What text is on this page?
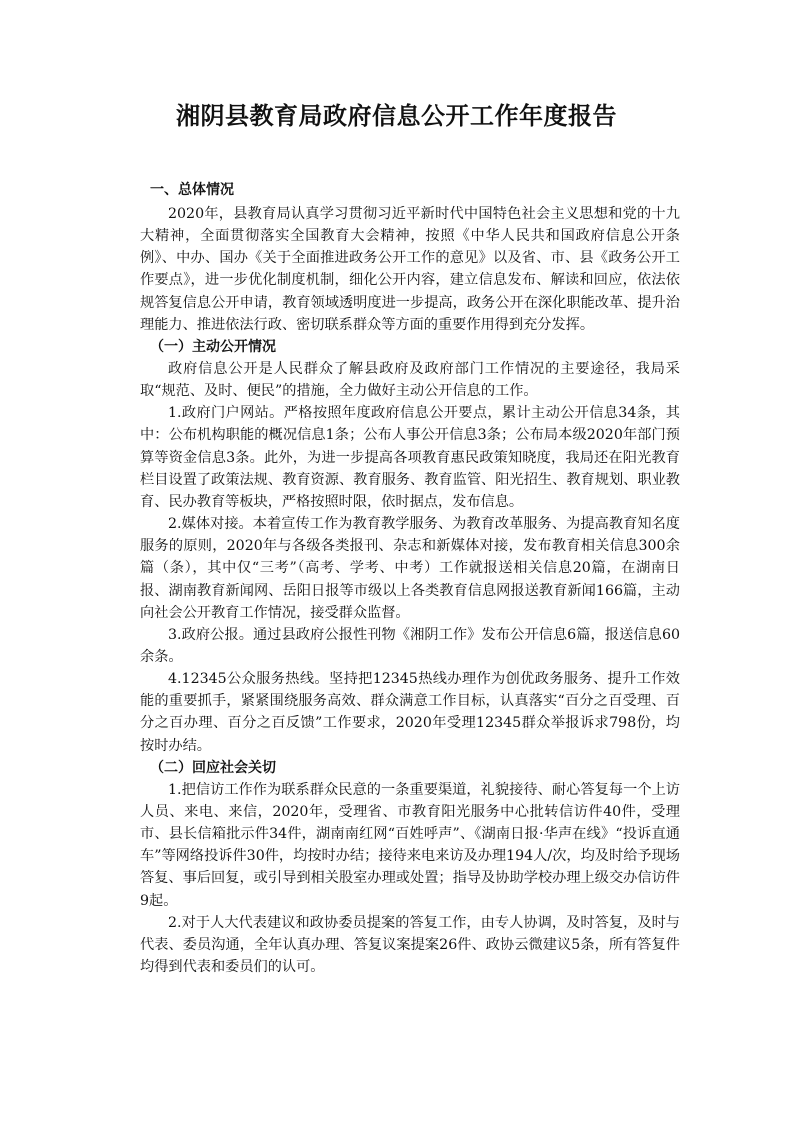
湘阴县教育局政府信息公开工作年度报告

一、总体情况

2020年，县教育局认真学习贯彻习近平新时代中国特色社会主义思想和党的十九大精神，全面贯彻落实全国教育大会精神，按照《中华人民共和国政府信息公开条例》、中办、国办《关于全面推进政务公开工作的意见》以及省、市、县《政务公开工作要点》，进一步优化制度机制，细化公开内容，建立信息发布、解读和回应，依法依规答复信息公开申请，教育领域透明度进一步提高，政务公开在深化职能改革、提升治理能力、推进依法行政、密切联系群众等方面的重要作用得到充分发挥。

（一）主动公开情况

政府信息公开是人民群众了解县政府及政府部门工作情况的主要途径，我局采取“规范、及时、便民”的措施，全力做好主动公开信息的工作。

1.政府门户网站。严格按照年度政府信息公开要点，累计主动公开信息34条，其中：公布机构职能的概况信息1条；公布人事公开信息3条；公布局本级2020年部门预算等资金信息3条。此外，为进一步提高各项教育惠民政策知晓度，我局还在阳光教育栏目设置了政策法规、教育资源、教育服务、教育监管、阳光招生、教育规划、职业教育、民办教育等板块，严格按照时限，依时据点，发布信息。

2.媒体对接。本着宣传工作为教育教学服务、为教育改革服务、为提高教育知名度服务的原则，2020年与各级各类报刊、杂志和新媒体对接，发布教育相关信息300余篇（条），其中仅“三考”（高考、学考、中考）工作就报送相关信息20篇，在湖南日报、湖南教育新闻网、岳阳日报等市级以上各类教育信息网报送教育新闻166篇，主动向社会公开教育工作情况，接受群众监督。

3.政府公报。通过县政府公报性刊物《湘阴工作》发布公开信息6篇，报送信息60余条。

4.12345公众服务热线。坚持把12345热线办理作为创优政务服务、提升工作效能的重要抓手，紧紧围绕服务高效、群众满意工作目标，认真落实“百分之百受理、百分之百办理、百分之百反馈”工作要求，2020年受理12345群众举报诉求798份，均按时办结。

（二）回应社会关切

1.把信访工作作为联系群众民意的一条重要渠道，礼貌接待、耐心答复每一个上访人员、来电、来信，2020年，受理省、市教育阳光服务中心批转信访件40件，受理市、县长信箱批示件34件，湖南南红网“百姓呼声”、《湖南日报·华声在线》“投诉直通车”等网络投诉件30件，均按时办结；接待来电来访及办理194人/次，均及时给予现场答复、事后回复，或引导到相关股室办理或处置；指导及协助学校办理上级交办信访件9起。

2.对于人大代表建议和政协委员提案的答复工作，由专人协调，及时答复，及时与代表、委员沟通，全年认真办理、答复议案提案26件、政协云微建议5条，所有答复件均得到代表和委员们的认可。
